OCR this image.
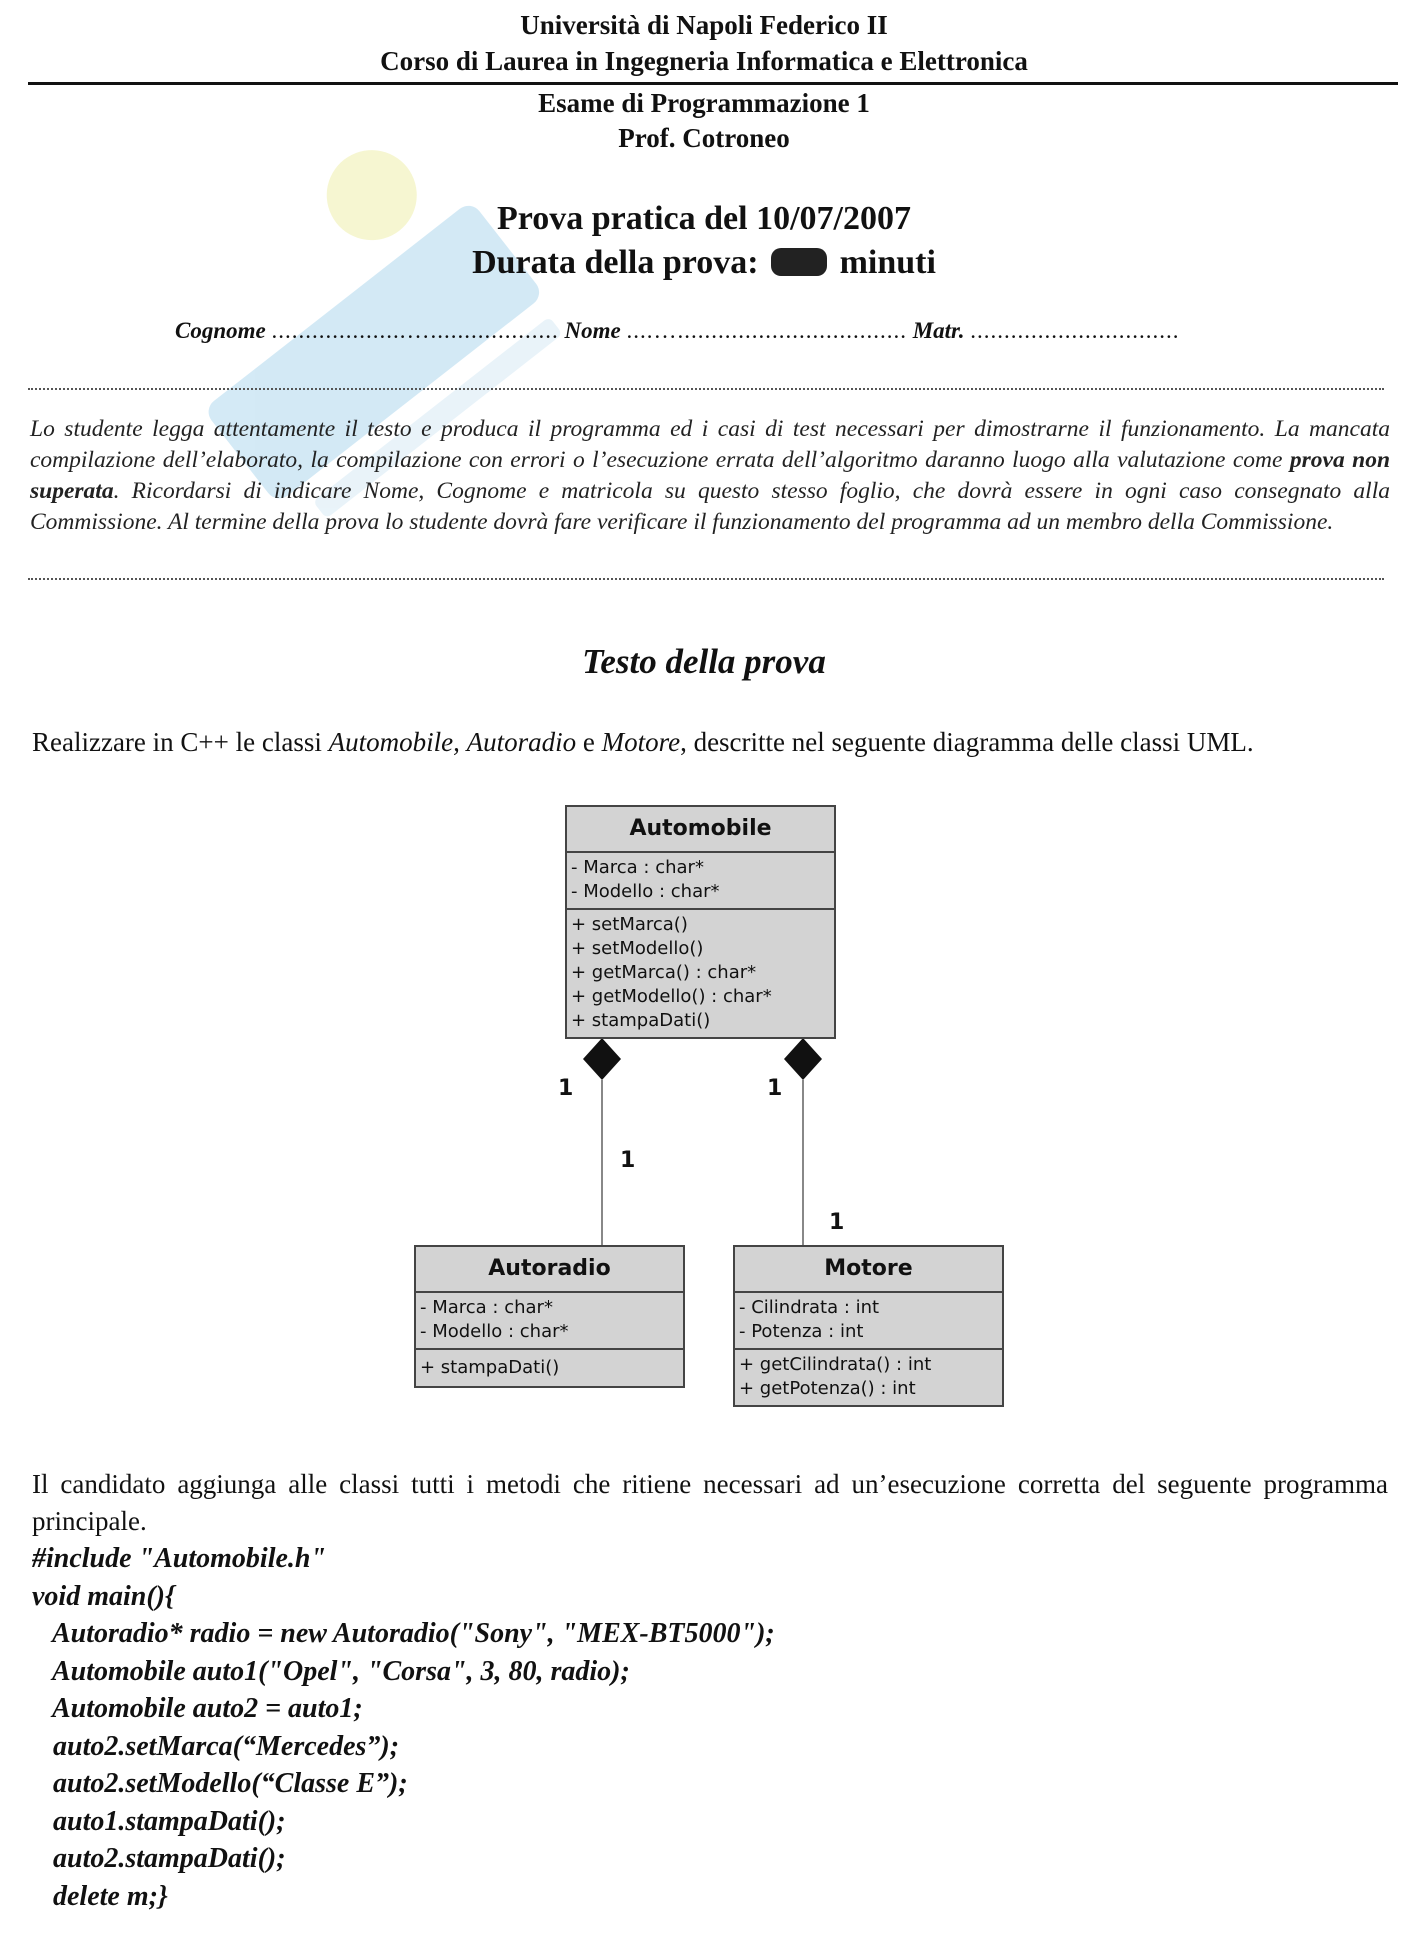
Università di Napoli Federico II
Corso di Laurea in Ingegneria Informatica e Elettronica
Esame di Programmazione 1
Prof. Cotroneo
Prova pratica del 10/07/2007
Durata della prova: minuti
Cognome ....................…................... Nome ....….................................. Matr. ...............................
Lo studente legga attentamente il testo e produca il programma ed i casi di test necessari per dimostrarne il funzionamento. La mancata compilazione dell’elaborato, la compilazione con errori o l’esecuzione errata dell’algoritmo daranno luogo alla valutazione come prova non superata. Ricordarsi di indicare Nome, Cognome e matricola su questo stesso foglio, che dovrà essere in ogni caso consegnato alla Commissione. Al termine della prova lo studente dovrà fare verificare il funzionamento del programma ad un membro della Commissione.
Testo della prova
Realizzare in C++ le classi Automobile, Autoradio e Motore, descritte nel seguente diagramma delle classi UML.
Automobile
- Marca : char*
- Modello : char*
+ setMarca()
+ setModello()
+ getMarca() : char*
+ getModello() : char*
+ stampaDati()
Autoradio
- Marca : char*
- Modello : char*
+ stampaDati()
Motore
- Cilindrata : int
- Potenza : int
+ getCilindrata() : int
+ getPotenza() : int
1
1
1
1
Il candidato aggiunga alle classi tutti i metodi che ritiene necessari ad un’esecuzione corretta del seguente programma principale.
#include "Automobile.h"
void main(){
Autoradio* radio = new Autoradio("Sony", "MEX-BT5000");
Automobile auto1("Opel", "Corsa", 3, 80, radio);
Automobile auto2 = auto1;
auto2.setMarca(“Mercedes”);
auto2.setModello(“Classe E”);
auto1.stampaDati();
auto2.stampaDati();
delete m;}
